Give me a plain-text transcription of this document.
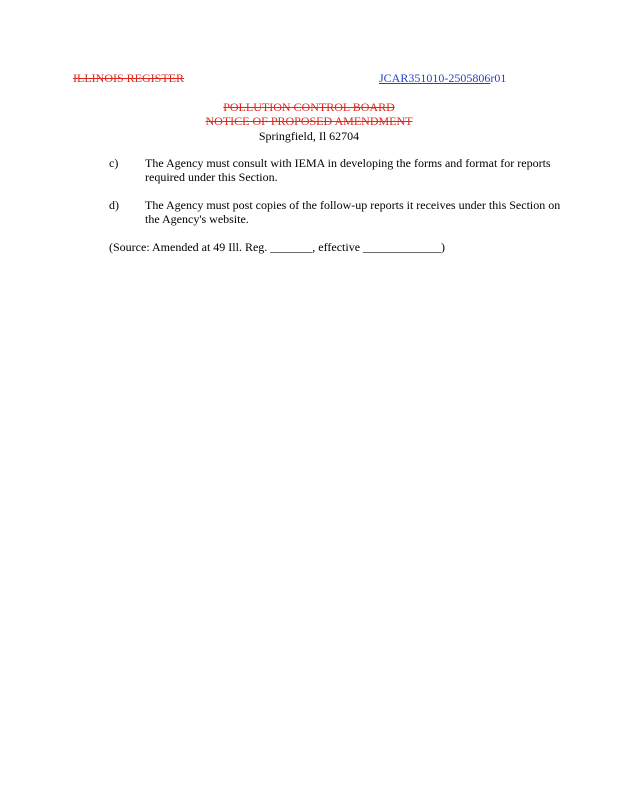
ILLINOIS REGISTER	JCAR351010-2505806r01
POLLUTION CONTROL BOARD
NOTICE OF PROPOSED AMENDMENT
Springfield, Il 62704
c) The Agency must consult with IEMA in developing the forms and format for reports required under this Section.
d) The Agency must post copies of the follow-up reports it receives under this Section on the Agency's website.
(Source: Amended at 49 Ill. Reg. _______, effective _____________)
